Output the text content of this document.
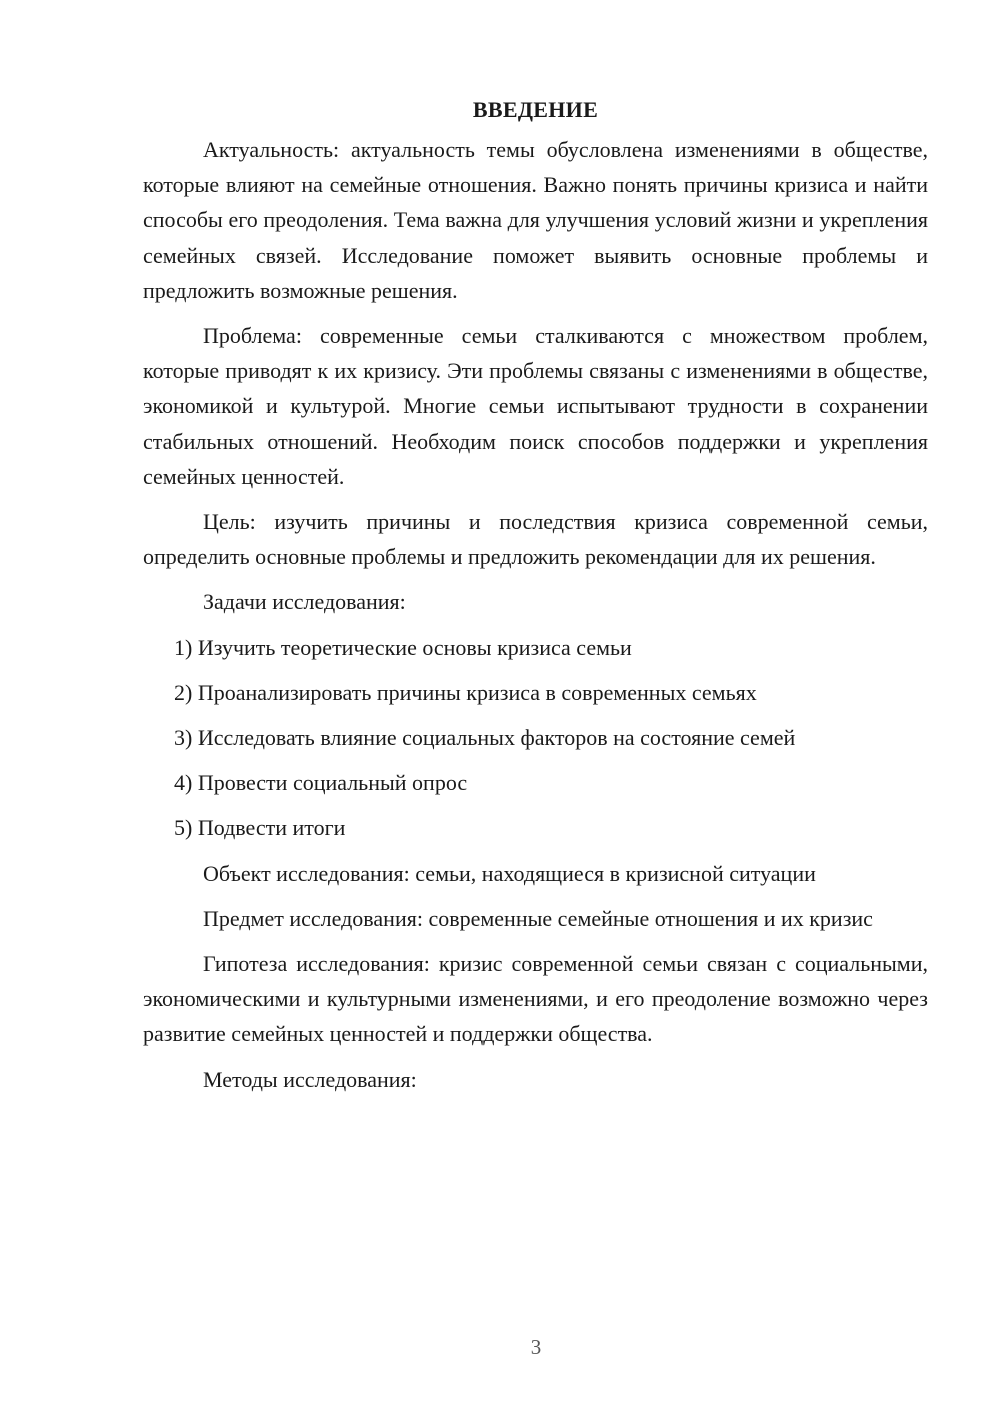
ВВЕДЕНИЕ

Актуальность: актуальность темы обусловлена изменениями в обществе, которые влияют на семейные отношения. Важно понять причины кризиса и найти способы его преодоления. Тема важна для улучшения условий жизни и укрепления семейных связей. Исследование поможет выявить основные проблемы и предложить возможные решения.

Проблема: современные семьи сталкиваются с множеством проблем, которые приводят к их кризису. Эти проблемы связаны с изменениями в обществе, экономикой и культурой. Многие семьи испытывают трудности в сохранении стабильных отношений. Необходим поиск способов поддержки и укрепления семейных ценностей.

Цель: изучить причины и последствия кризиса современной семьи, определить основные проблемы и предложить рекомендации для их решения.

Задачи исследования:

1) Изучить теоретические основы кризиса семьи
2) Проанализировать причины кризиса в современных семьях
3) Исследовать влияние социальных факторов на состояние семей
4) Провести социальный опрос
5) Подвести итоги

Объект исследования: семьи, находящиеся в кризисной ситуации

Предмет исследования: современные семейные отношения и их кризис

Гипотеза исследования: кризис современной семьи связан с социальными, экономическими и культурными изменениями, и его преодоление возможно через развитие семейных ценностей и поддержки общества.

Методы исследования:

3
